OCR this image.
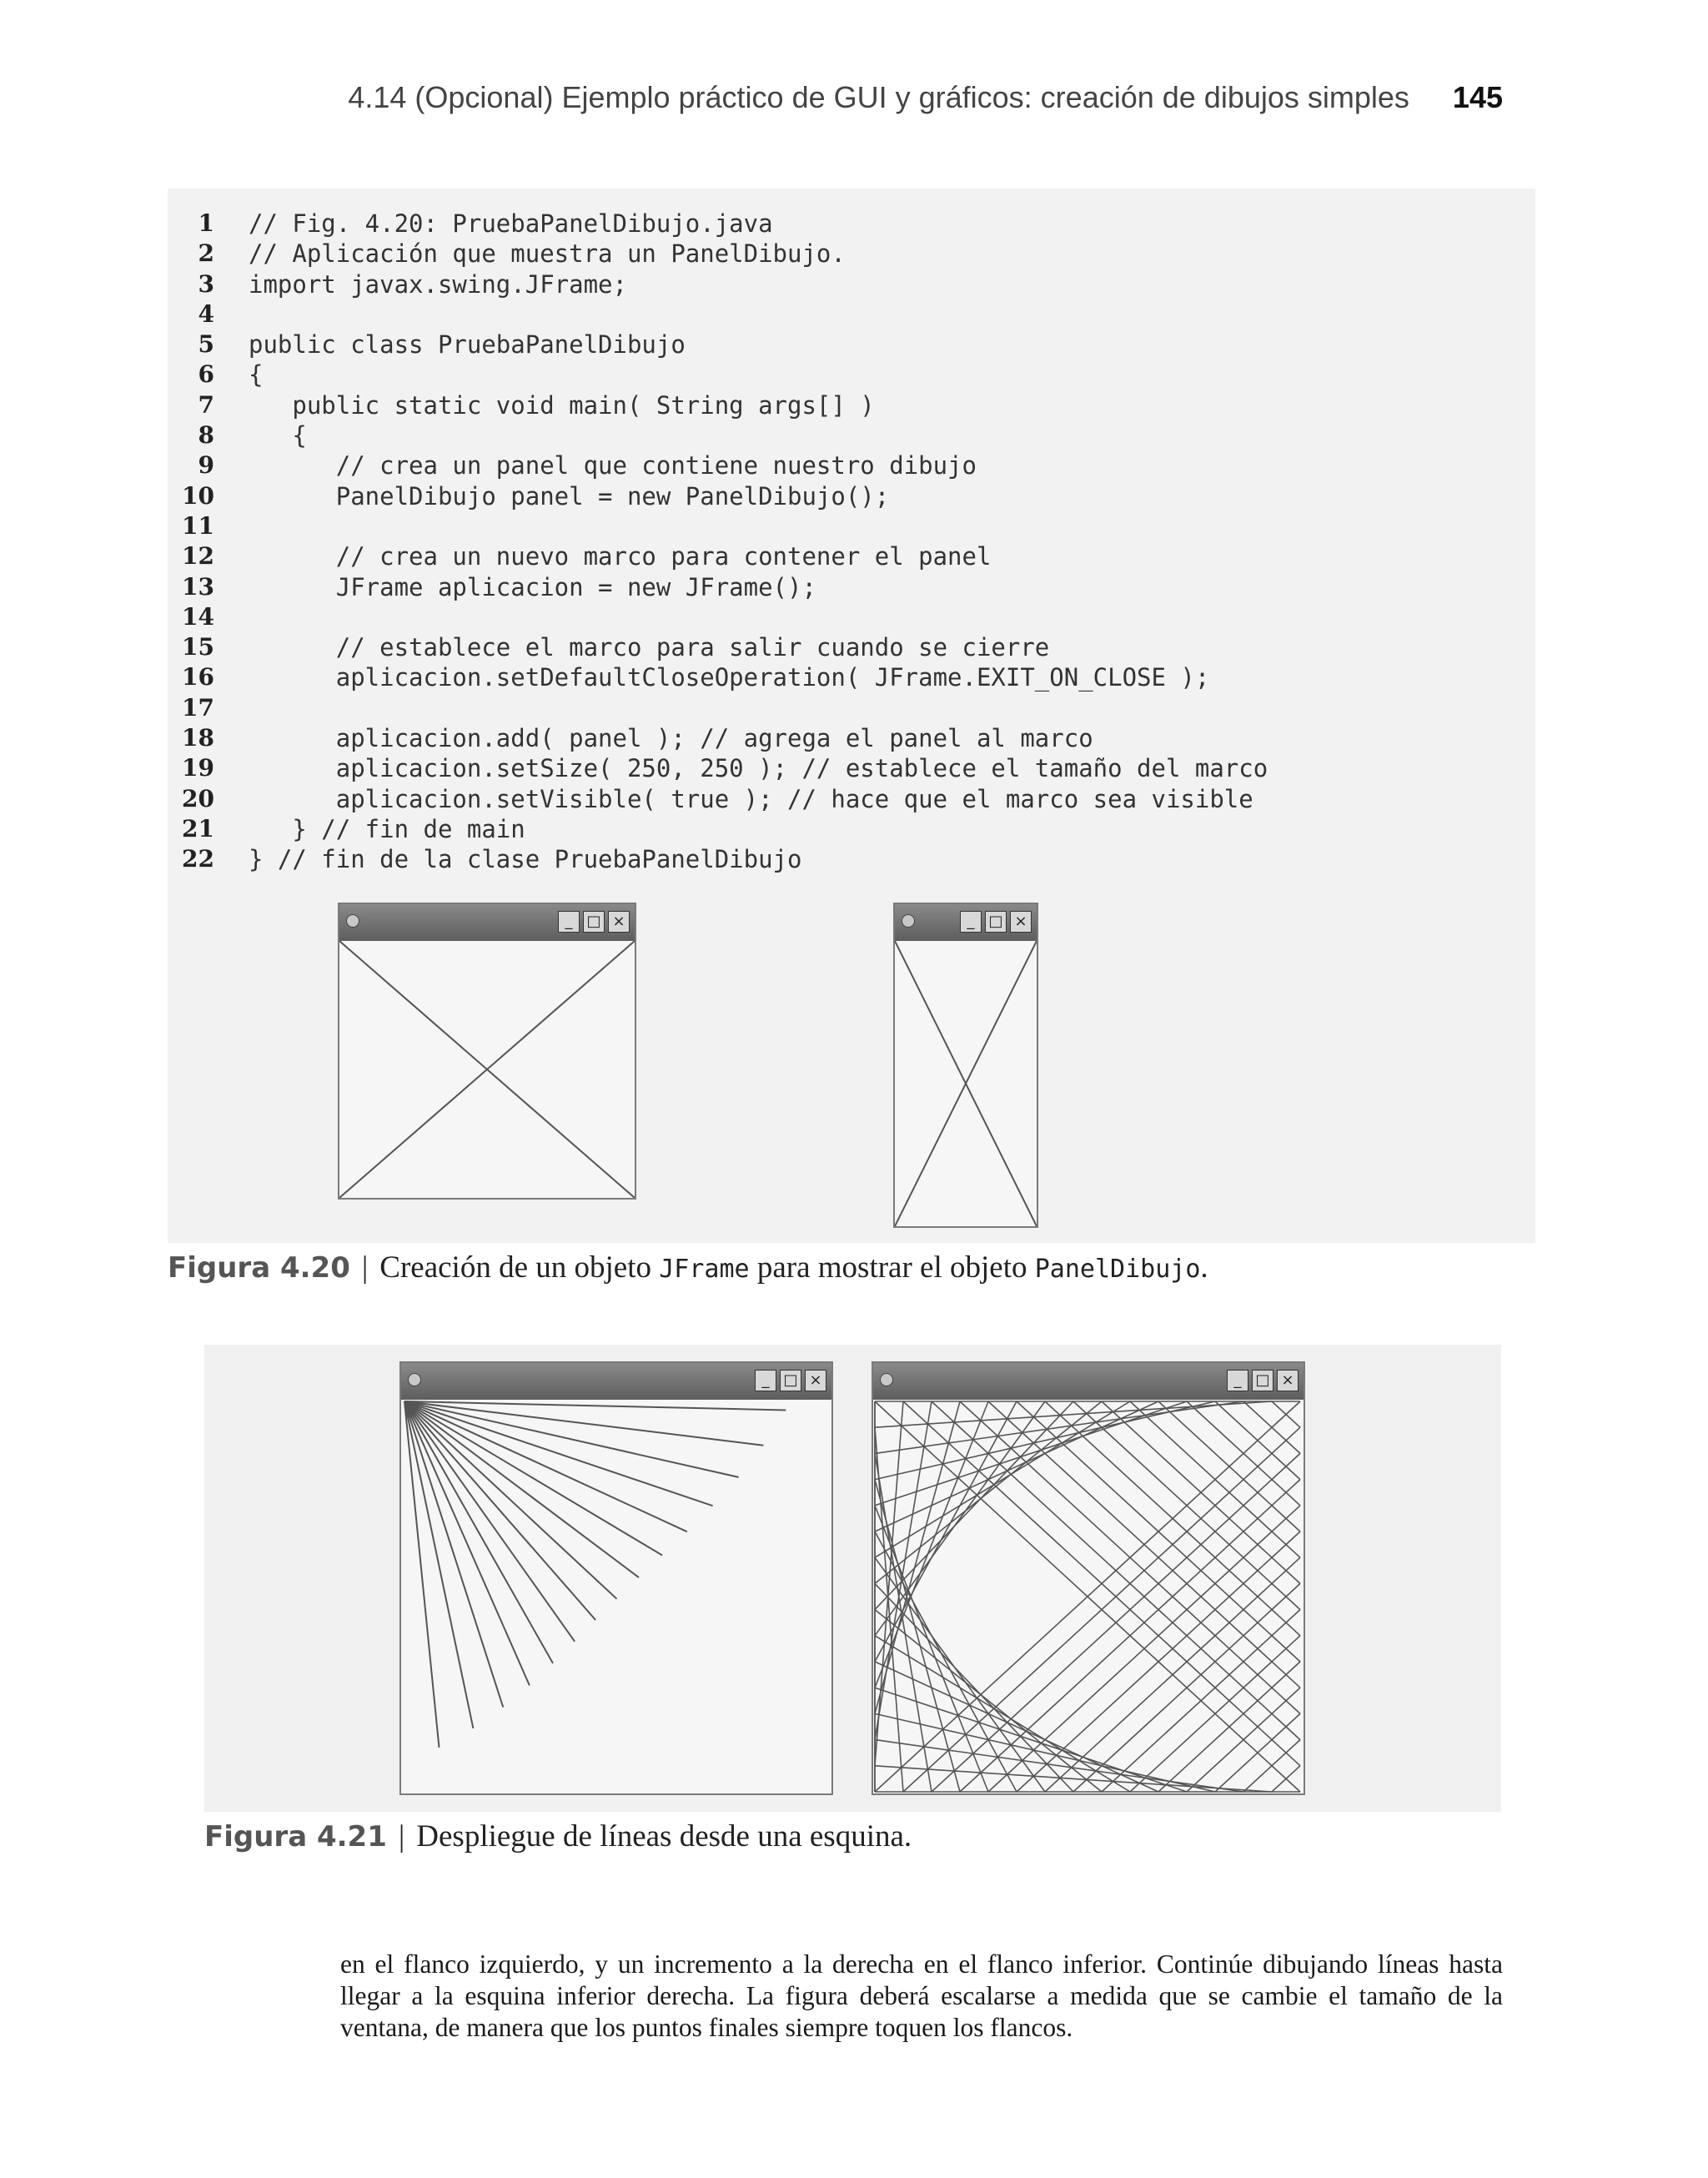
4.14 (Opcional) Ejemplo práctico de GUI y gráficos: creación de dibujos simples 145
1 // Fig. 4.20: PruebaPanelDibujo.java
2 // Aplicación que muestra un PanelDibujo.
3 import javax.swing.JFrame;
4
5 public class PruebaPanelDibujo
6 {
7 public static void main( String args[] )
8 {
9 // crea un panel que contiene nuestro dibujo
10 PanelDibujo panel = new PanelDibujo();
11
12 // crea un nuevo marco para contener el panel
13 JFrame aplicacion = new JFrame();
14
15 // establece el marco para salir cuando se cierre
16 aplicacion.setDefaultCloseOperation( JFrame.EXIT_ON_CLOSE );
17
18 aplicacion.add( panel ); // agrega el panel al marco
19 aplicacion.setSize( 250, 250 ); // establece el tamaño del marco
20 aplicacion.setVisible( true ); // hace que el marco sea visible
21 } // fin de main
22 } // fin de la clase PruebaPanelDibujo
_ □ ×	_ □ ×
Figura 4.20 | Creación de un objeto JFrame para mostrar el objeto PanelDibujo.
_ □ ×	_ □ ×
Figura 4.21 | Despliegue de líneas desde una esquina.
en el flanco izquierdo, y un incremento a la derecha en el flanco inferior. Continúe dibujando líneas hasta llegar a la esquina inferior derecha. La figura deberá escalarse a medida que se cambie el tamaño de la ventana, de manera que los puntos finales siempre toquen los flancos.
